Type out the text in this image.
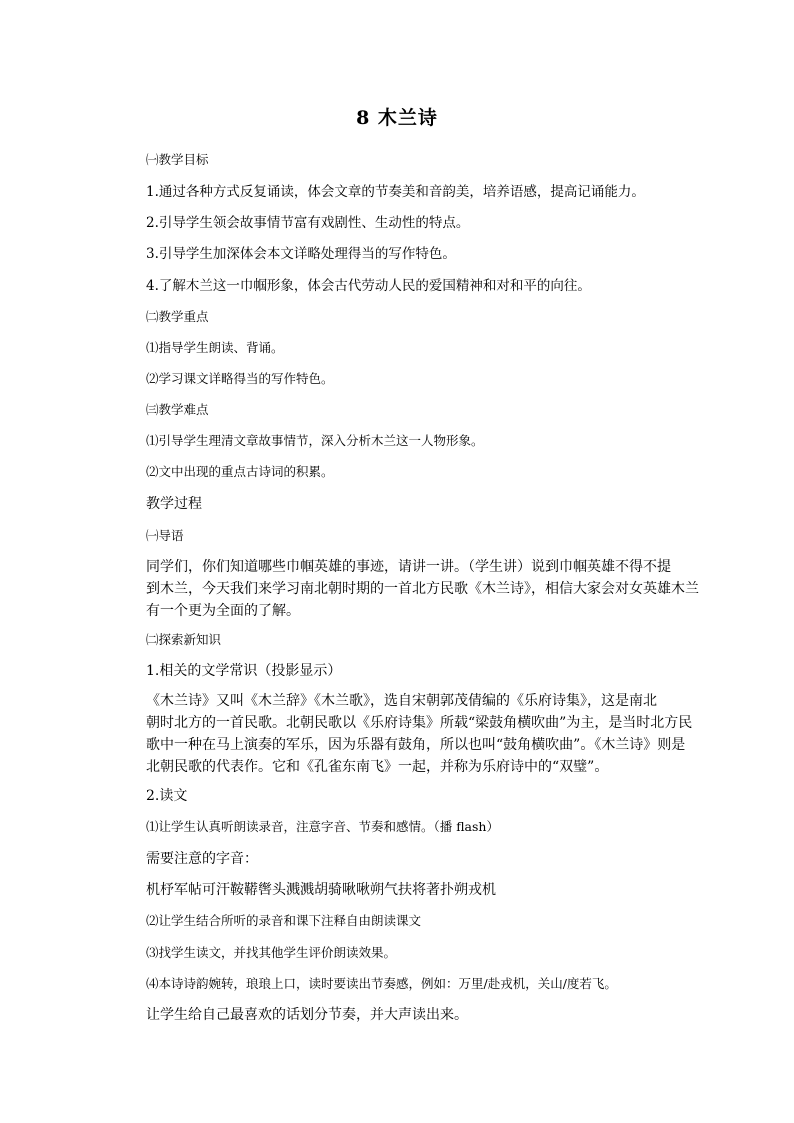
8 木兰诗
㈠教学目标
1.通过各种方式反复诵读，体会文章的节奏美和音韵美，培养语感，提高记诵能力。
2.引导学生领会故事情节富有戏剧性、生动性的特点。
3.引导学生加深体会本文详略处理得当的写作特色。
4.了解木兰这一巾帼形象，体会古代劳动人民的爱国精神和对和平的向往。
㈡教学重点
⑴指导学生朗读、背诵。
⑵学习课文详略得当的写作特色。
㈢教学难点
⑴引导学生理清文章故事情节，深入分析木兰这一人物形象。
⑵文中出现的重点古诗词的积累。
教学过程
㈠导语
同学们，你们知道哪些巾帼英雄的事迹，请讲一讲。（学生讲）说到巾帼英雄不得不提
到木兰，今天我们来学习南北朝时期的一首北方民歌《木兰诗》，相信大家会对女英雄木兰
有一个更为全面的了解。
㈡探索新知识
1.相关的文学常识（投影显示）
《木兰诗》又叫《木兰辞》《木兰歌》，选自宋朝郭茂倩编的《乐府诗集》，这是南北
朝时北方的一首民歌。北朝民歌以《乐府诗集》所载“梁鼓角横吹曲”为主，是当时北方民
歌中一种在马上演奏的军乐，因为乐器有鼓角，所以也叫“鼓角横吹曲”。《木兰诗》则是
北朝民歌的代表作。它和《孔雀东南飞》一起，并称为乐府诗中的“双璧”。
2.读文
⑴让学生认真听朗读录音，注意字音、节奏和感情。（播 flash）
需要注意的字音：
机杼军帖可汗鞍鞯辔头溅溅胡骑啾啾朔气扶将著扑朔戎机
⑵让学生结合所听的录音和课下注释自由朗读课文
⑶找学生读文，并找其他学生评价朗读效果。
⑷本诗诗韵婉转，琅琅上口，读时要读出节奏感，例如：万里/赴戎机，关山/度若飞。
让学生给自己最喜欢的话划分节奏，并大声读出来。
